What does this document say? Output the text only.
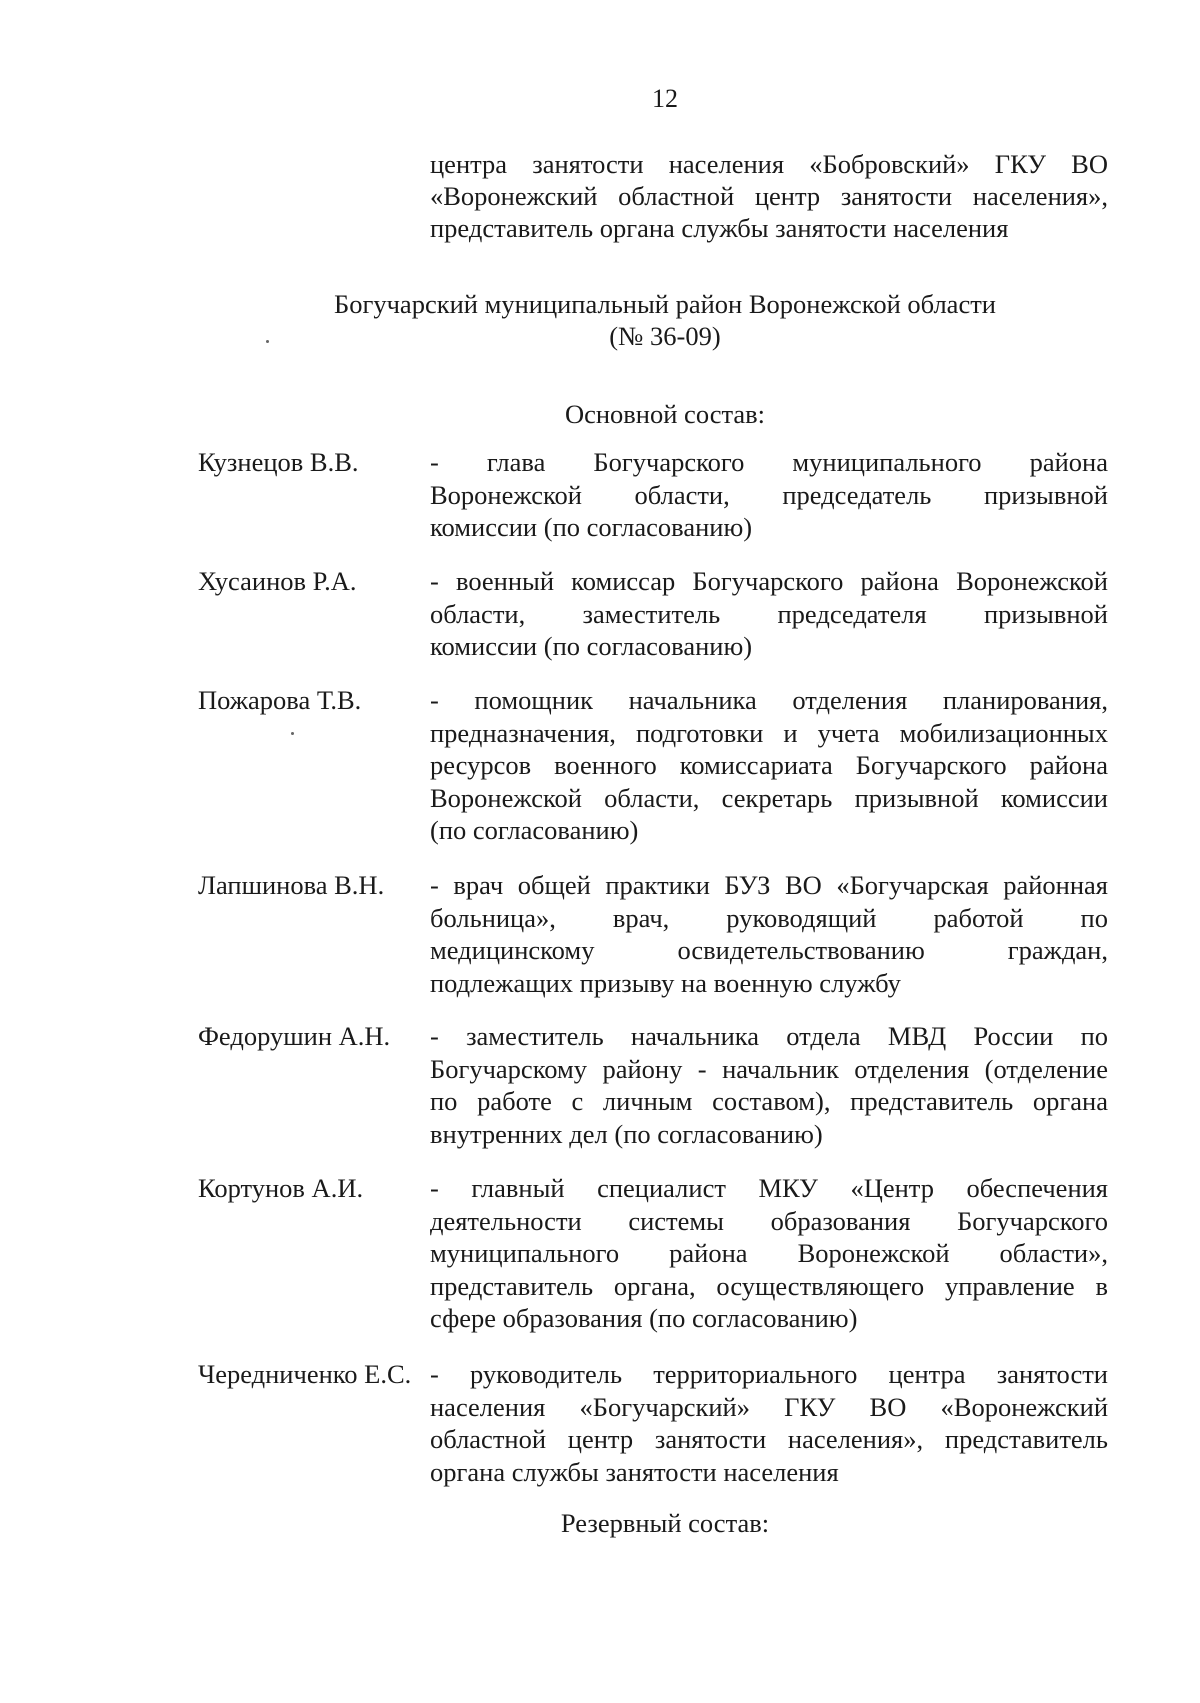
12
центра занятости населения «Бобровский» ГКУ ВО
«Воронежский областной центр занятости населения»,
представитель органа службы занятости населения
Богучарский муниципальный район Воронежской области
(№ 36-09)
Основной состав:
Кузнецов В.В.	- глава Богучарского муниципального района
Воронежской области, председатель призывной
комиссии (по согласованию)
Хусаинов Р.А.	- военный комиссар Богучарского района Воронежской
области, заместитель председателя призывной
комиссии (по согласованию)
Пожарова Т.В.	- помощник начальника отделения планирования,
предназначения, подготовки и учета мобилизационных
ресурсов военного комиссариата Богучарского района
Воронежской области, секретарь призывной комиссии
(по согласованию)
Лапшинова В.Н.	- врач общей практики БУЗ ВО «Богучарская районная
больница», врач, руководящий работой по
медицинскому освидетельствованию граждан,
подлежащих призыву на военную службу
Федорушин А.Н.	- заместитель начальника отдела МВД России по
Богучарскому району - начальник отделения (отделение
по работе с личным составом), представитель органа
внутренних дел (по согласованию)
Кортунов А.И.	- главный специалист МКУ «Центр обеспечения
деятельности системы образования Богучарского
муниципального района Воронежской области»,
представитель органа, осуществляющего управление в
сфере образования (по согласованию)
Чередниченко Е.С. - руководитель территориального центра занятости
населения «Богучарский» ГКУ ВО «Воронежский
областной центр занятости населения», представитель
органа службы занятости населения
Резервный состав:
